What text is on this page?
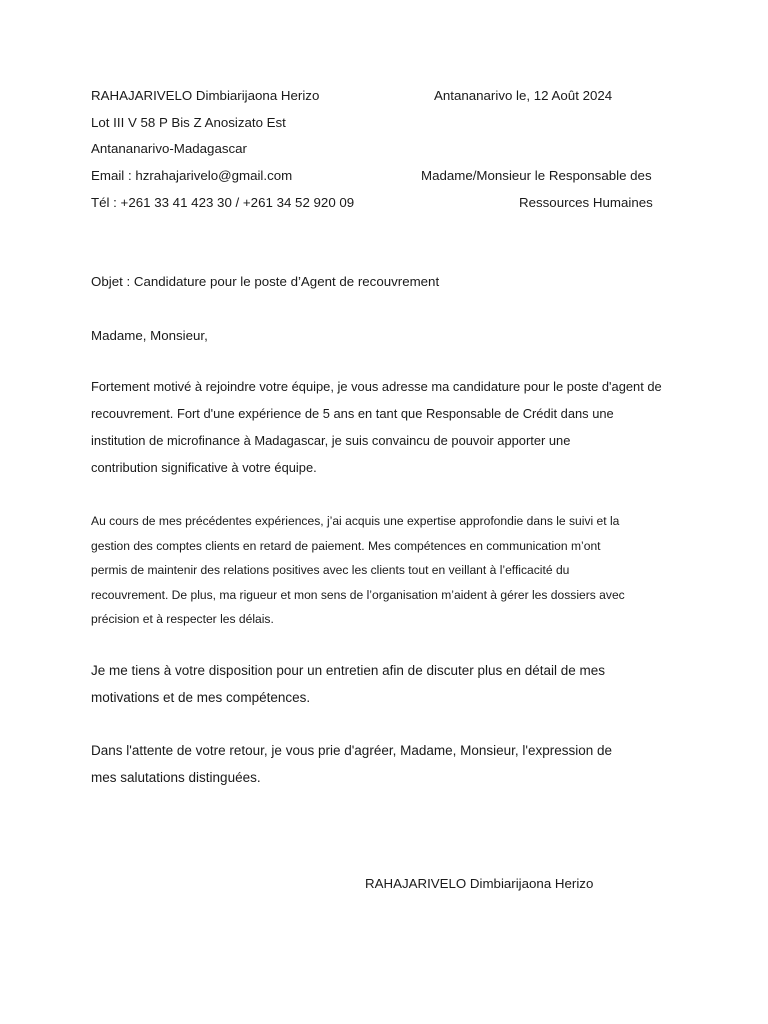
RAHAJARIVELO Dimbiarijaona Herizo
Lot III V 58 P Bis Z Anosizato Est
Antananarivo-Madagascar
Email : hzrahajarivelo@gmail.com
Tél : +261 33 41 423 30 / +261 34 52 920 09
Antananarivo le, 12 Août 2024
Madame/Monsieur le Responsable des
Ressources Humaines
Objet : Candidature pour le poste d’Agent de recouvrement
Madame, Monsieur,
Fortement motivé à rejoindre votre équipe, je vous adresse ma candidature pour le poste d'agent de
recouvrement. Fort d'une expérience de 5 ans en tant que Responsable de Crédit dans une
institution de microfinance à Madagascar, je suis convaincu de pouvoir apporter une
contribution significative à votre équipe.
Au cours de mes précédentes expériences, j’ai acquis une expertise approfondie dans le suivi et la
gestion des comptes clients en retard de paiement. Mes compétences en communication m’ont
permis de maintenir des relations positives avec les clients tout en veillant à l’efficacité du
recouvrement. De plus, ma rigueur et mon sens de l’organisation m’aident à gérer les dossiers avec
précision et à respecter les délais.
Je me tiens à votre disposition pour un entretien afin de discuter plus en détail de mes
motivations et de mes compétences.
Dans l'attente de votre retour, je vous prie d'agréer, Madame, Monsieur, l'expression de
mes salutations distinguées.
RAHAJARIVELO Dimbiarijaona Herizo
